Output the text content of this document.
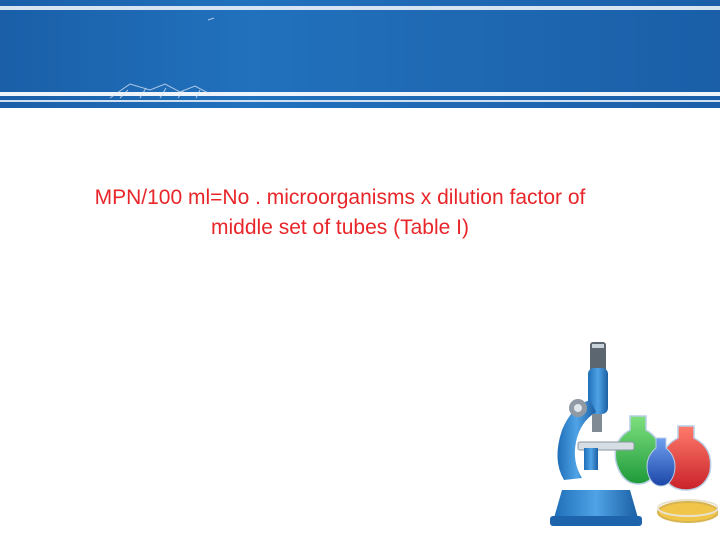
MPN/100 ml=No . microorganisms x dilution factor of
middle set of tubes (Table I)
